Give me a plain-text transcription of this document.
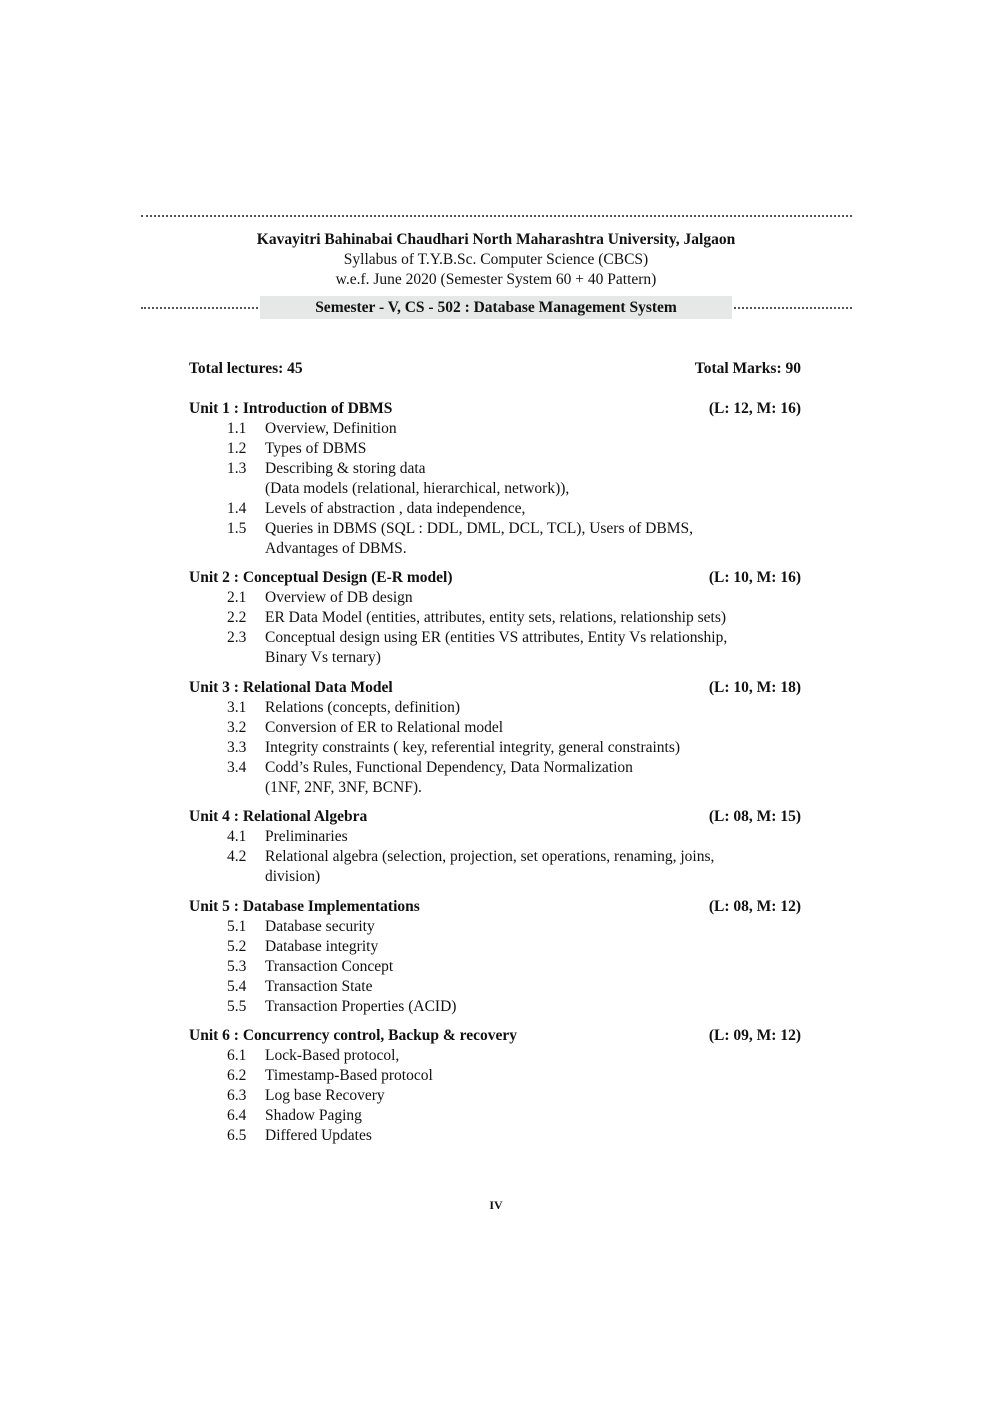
Kavayitri Bahinabai Chaudhari North Maharashtra University, Jalgaon
Syllabus of T.Y.B.Sc. Computer Science (CBCS)
w.e.f. June 2020 (Semester System 60 + 40 Pattern)
Semester - V, CS - 502 : Database Management System
Total lectures: 45	Total Marks: 90
Unit 1 : Introduction of DBMS	(L: 12, M: 16)
1.1 Overview, Definition
1.2 Types of DBMS
1.3 Describing & storing data
(Data models (relational, hierarchical, network)),
1.4 Levels of abstraction , data independence,
1.5 Queries in DBMS (SQL : DDL, DML, DCL, TCL), Users of DBMS,
Advantages of DBMS.
Unit 2 : Conceptual Design (E-R model)	(L: 10, M: 16)
2.1 Overview of DB design
2.2 ER Data Model (entities, attributes, entity sets, relations, relationship sets)
2.3 Conceptual design using ER (entities VS attributes, Entity Vs relationship,
Binary Vs ternary)
Unit 3 : Relational Data Model	(L: 10, M: 18)
3.1 Relations (concepts, definition)
3.2 Conversion of ER to Relational model
3.3 Integrity constraints ( key, referential integrity, general constraints)
3.4 Codd’s Rules, Functional Dependency, Data Normalization
(1NF, 2NF, 3NF, BCNF).
Unit 4 : Relational Algebra	(L: 08, M: 15)
4.1 Preliminaries
4.2 Relational algebra (selection, projection, set operations, renaming, joins,
division)
Unit 5 : Database Implementations	(L: 08, M: 12)
5.1 Database security
5.2 Database integrity
5.3 Transaction Concept
5.4 Transaction State
5.5 Transaction Properties (ACID)
Unit 6 : Concurrency control, Backup & recovery	(L: 09, M: 12)
6.1 Lock-Based protocol,
6.2 Timestamp-Based protocol
6.3 Log base Recovery
6.4 Shadow Paging
6.5 Differed Updates
IV
